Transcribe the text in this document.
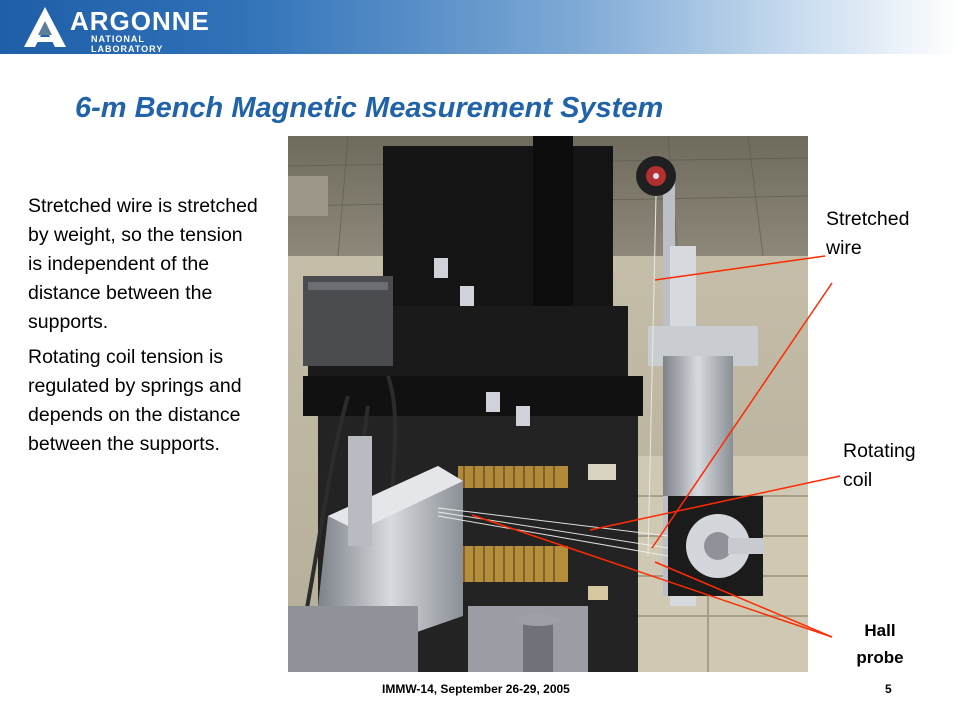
ARGONNE
NATIONAL LABORATORY
6-m Bench Magnetic Measurement System

Stretched wire is stretched by weight, so the tension is independent of the distance between the supports.

Rotating coil tension is regulated by springs and depends on the distance between the supports.

Stretched wire
Rotating coil
Hall probe
IMMW-14, September 26-29, 2005	5
